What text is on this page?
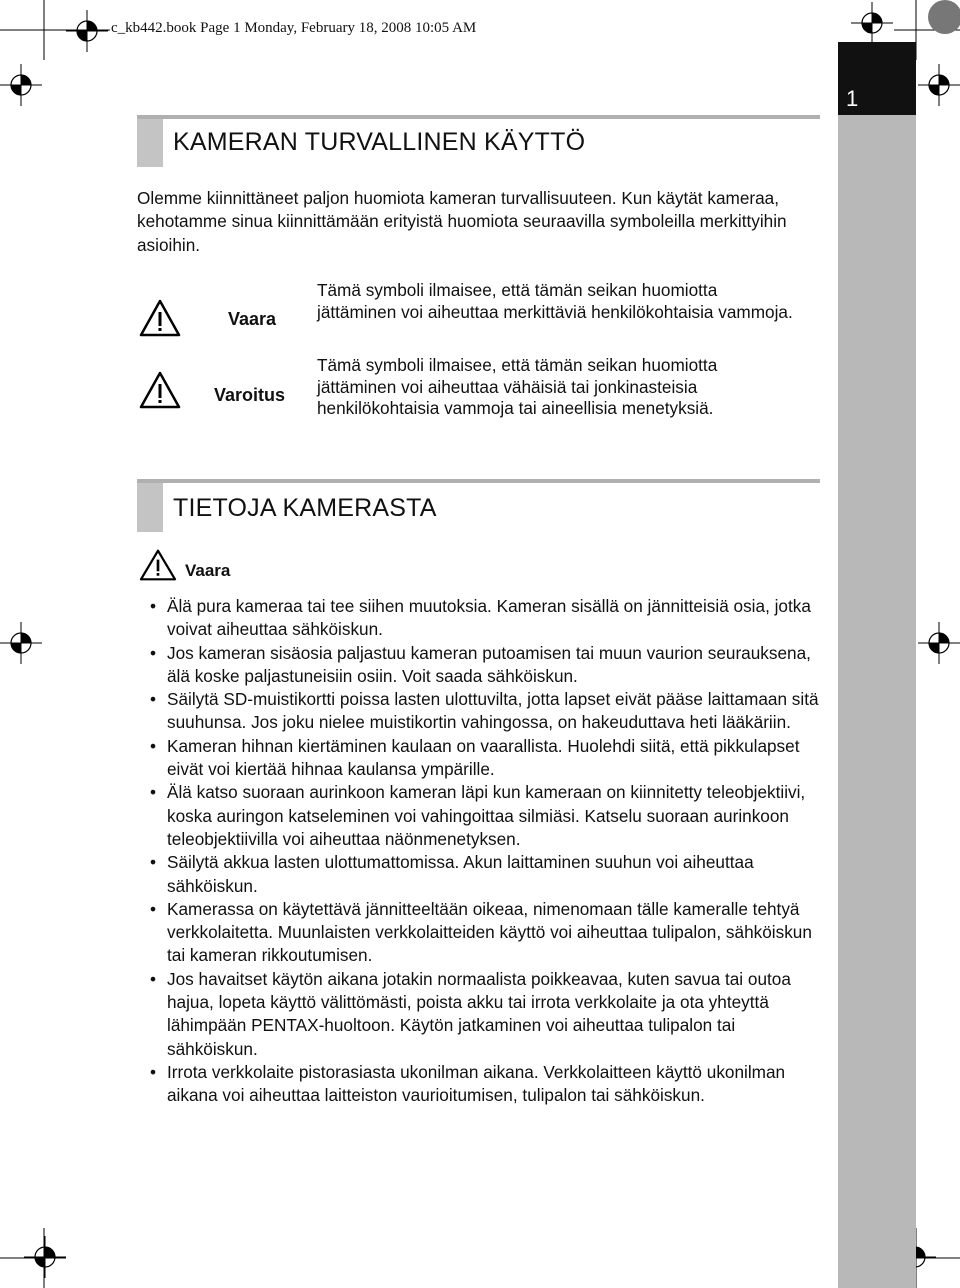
c_kb442.book Page 1 Monday, February 18, 2008 10:05 AM
1
KAMERAN TURVALLINEN KÄYTTÖ
Olemme kiinnittäneet paljon huomiota kameran turvallisuuteen. Kun käytät kameraa, kehotamme sinua kiinnittämään erityistä huomiota seuraavilla symboleilla merkittyihin asioihin.
Vaara
Tämä symboli ilmaisee, että tämän seikan huomiotta jättäminen voi aiheuttaa merkittäviä henkilökohtaisia vammoja.
Varoitus
Tämä symboli ilmaisee, että tämän seikan huomiotta jättäminen voi aiheuttaa vähäisiä tai jonkinasteisia henkilökohtaisia vammoja tai aineellisia menetyksiä.
TIETOJA KAMERASTA
Vaara
• Älä pura kameraa tai tee siihen muutoksia. Kameran sisällä on jännitteisiä osia, jotka voivat aiheuttaa sähköiskun.
• Jos kameran sisäosia paljastuu kameran putoamisen tai muun vaurion seurauksena, älä koske paljastuneisiin osiin. Voit saada sähköiskun.
• Säilytä SD-muistikortti poissa lasten ulottuvilta, jotta lapset eivät pääse laittamaan sitä suuhunsa. Jos joku nielee muistikortin vahingossa, on hakeuduttava heti lääkäriin.
• Kameran hihnan kiertäminen kaulaan on vaarallista. Huolehdi siitä, että pikkulapset eivät voi kiertää hihnaa kaulansa ympärille.
• Älä katso suoraan aurinkoon kameran läpi kun kameraan on kiinnitetty teleobjektiivi, koska auringon katseleminen voi vahingoittaa silmiäsi. Katselu suoraan aurinkoon teleobjektiivilla voi aiheuttaa näönmenetyksen.
• Säilytä akkua lasten ulottumattomissa. Akun laittaminen suuhun voi aiheuttaa sähköiskun.
• Kamerassa on käytettävä jännitteeltään oikeaa, nimenomaan tälle kameralle tehtyä verkkolaitetta. Muunlaisten verkkolaitteiden käyttö voi aiheuttaa tulipalon, sähköiskun tai kameran rikkoutumisen.
• Jos havaitset käytön aikana jotakin normaalista poikkeavaa, kuten savua tai outoa hajua, lopeta käyttö välittömästi, poista akku tai irrota verkkolaite ja ota yhteyttä lähimpään PENTAX-huoltoon. Käytön jatkaminen voi aiheuttaa tulipalon tai sähköiskun.
• Irrota verkkolaite pistorasiasta ukonilman aikana. Verkkolaitteen käyttö ukonilman aikana voi aiheuttaa laitteiston vaurioitumisen, tulipalon tai sähköiskun.
